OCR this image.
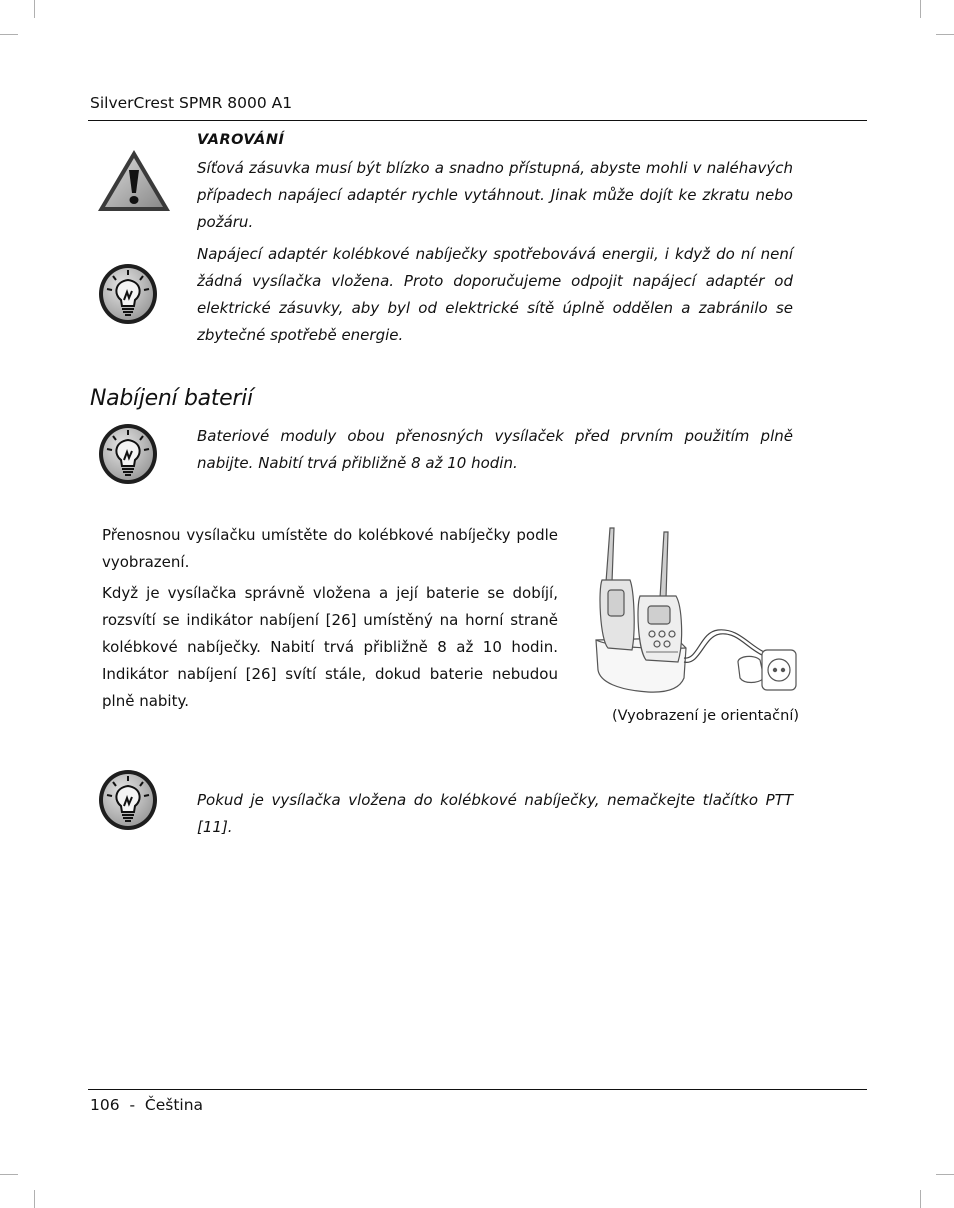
SilverCrest SPMR 8000 A1
VAROVÁNÍ

Síťová zásuvka musí být blízko a snadno přístupná, abyste mohli v naléhavých případech napájecí adaptér rychle vytáhnout. Jinak může dojít ke zkratu nebo požáru.

Napájecí adaptér kolébkové nabíječky spotřebovává energii, i když do ní není žádná vysílačka vložena. Proto doporučujeme odpojit napájecí adaptér od elektrické zásuvky, aby byl od elektrické sítě úplně oddělen a zabránilo se zbytečné spotřebě energie.

Nabíjení baterií

Bateriové moduly obou přenosných vysílaček před prvním použitím plně nabijte. Nabití trvá přibližně 8 až 10 hodin.

Přenosnou vysílačku umístěte do kolébkové nabíječky podle vyobrazení.

Když je vysílačka správně vložena a její baterie se dobíjí, rozsvítí se indikátor nabíjení [26] umístěný na horní straně kolébkové nabíječky. Nabití trvá přibližně 8 až 10 hodin. Indikátor nabíjení [26] svítí stále, dokud baterie nebudou plně nabity.

(Vyobrazení je orientační)

Pokud je vysílačka vložena do kolébkové nabíječky, nemačkejte tlačítko PTT [11].

106  -  Čeština
